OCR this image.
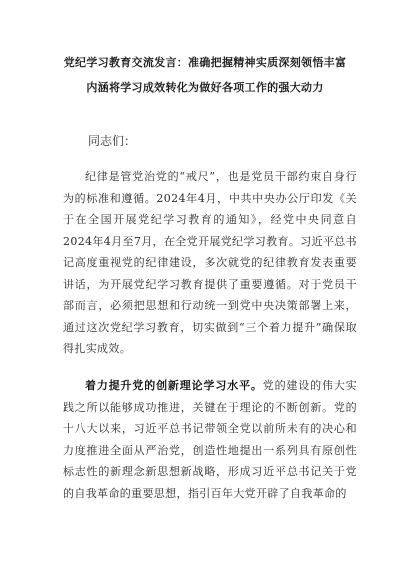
党纪学习教育交流发言：准确把握精神实质深刻领悟丰富
内涵将学习成效转化为做好各项工作的强大动力
同志们：

纪律是管党治党的“戒尺”，也是党员干部约束自身行为的标准和遵循。2024年4月，中共中央办公厅印发《关于在全国开展党纪学习教育的通知》，经党中央同意自2024年4月至7月，在全党开展党纪学习教育。习近平总书记高度重视党的纪律建设，多次就党的纪律教育发表重要讲话，为开展党纪学习教育提供了重要遵循。对于党员干部而言，必须把思想和行动统一到党中央决策部署上来，通过这次党纪学习教育，切实做到“三个着力提升”确保取得扎实成效。

着力提升党的创新理论学习水平。党的建设的伟大实践之所以能够成功推进，关键在于理论的不断创新。党的十八大以来，习近平总书记带领全党以前所未有的决心和力度推进全面从严治党，创造性地提出一系列具有原创性标志性的新理念新思想新战略，形成习近平总书记关于党的自我革命的重要思想，指引百年大党开辟了自我革命的
